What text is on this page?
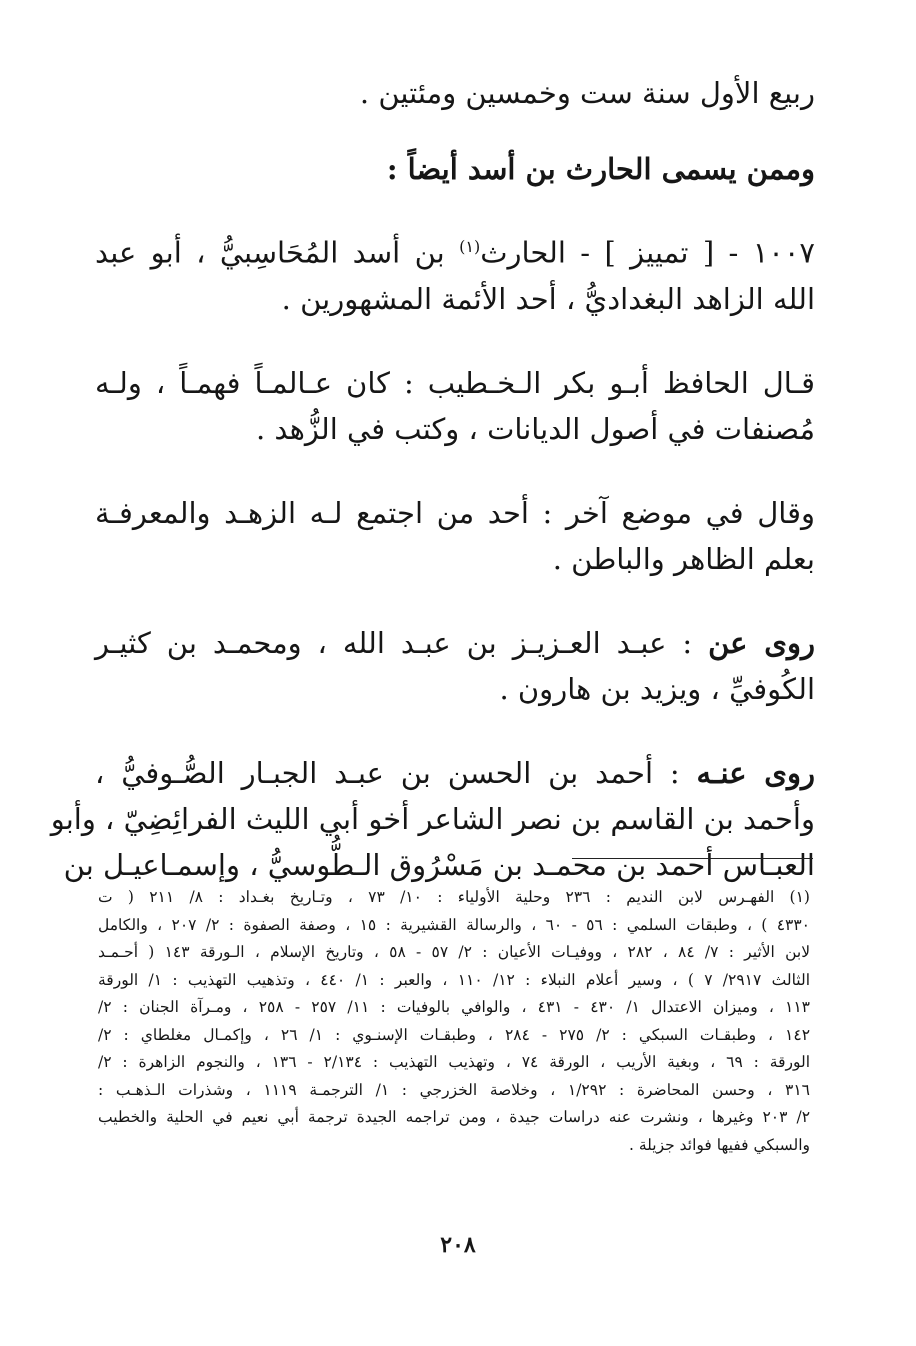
ربيع الأول سنة ست وخمسين ومئتين .
وممن يسمى الحارث بن أسد أيضاً :
١٠٠٧ - [ تمييز ] - الحارث$^{(١)}$ بن أسد المُحَاسِبيُّ ، أبو عبد
الله الزاهد البغداديُّ ، أحد الأئمة المشهورين .
قـال الحافظ أبـو بكر الـخـطيب : كان عـالمـاً فهمـاً ، ولـه
مُصنفات في أصول الديانات ، وكتب في الزُّهد .
وقال في موضع آخر : أحد من اجتمع لـه الزهـد والمعرفـة
بعلم الظاهر والباطن .
روى عن : عبـد العـزيـز بن عبـد الله ، ومحمـد بن كثيـر
الكُوفيِّ ، ويزيد بن هارون .
روى عنـه : أحمد بن الحسن بن عبـد الجبـار الصُّـوفيُّ ،
وأحمد بن القاسم بن نصر الشاعر أخو أبي الليث الفرائِضِيّ ، وأبو
العبـاس أحمد بن محمـد بن مَسْرُوق الـطُّوسيُّ ، وإسمـاعيـل بن
(١) الفهـرس لابن النديم : ٢٣٦ وحلية الأولياء : ١٠/ ٧٣ ، وتـاريخ بغـداد : ٨/ ٢١١ ( ت
٤٣٣٠ ) ، وطبقات السلمي : ٥٦ - ٦٠ ، والرسالة القشيرية : ١٥ ، وصفة الصفوة : ٢/ ٢٠٧ ، والكامل
لابن الأثير : ٧/ ٨٤ ، ٢٨٢ ، ووفيـات الأعيان : ٢/ ٥٧ - ٥٨ ، وتاريخ الإسلام ، الـورقة ١٤٣ ( أحـمـد
الثالث ٢٩١٧/ ٧ ) ، وسير أعلام النبلاء : ١٢/ ١١٠ ، والعبر : ١/ ٤٤٠ ، وتذهيب التهذيب : ١/ الورقة
١١٣ ، وميزان الاعتدال ١/ ٤٣٠ - ٤٣١ ، والوافي بالوفيات : ١١/ ٢٥٧ - ٢٥٨ ، ومـرآة الجنان : ٢/
١٤٢ ، وطبقـات السبكي : ٢/ ٢٧٥ - ٢٨٤ ، وطبقـات الإسنـوي : ١/ ٢٦ ، وإكمـال مغلطاي : ٢/
الورقة : ٦٩ ، وبغية الأريب ، الورقة ٧٤ ، وتهذيب التهذيب : ٢/١٣٤ - ١٣٦ ، والنجوم الزاهرة : ٢/
٣١٦ ، وحسن المحاضرة : ١/٢٩٢ ، وخلاصة الخزرجي : ١/ الترجمـة ١١١٩ ، وشذرات الـذهـب :
٢/ ٢٠٣ وغيرها ، ونشرت عنه دراسات جيدة ، ومن تراجمه الجيدة ترجمة أبي نعيم في الحلية والخطيب
والسبكي ففيها فوائد جزيلة .
٢٠٨
